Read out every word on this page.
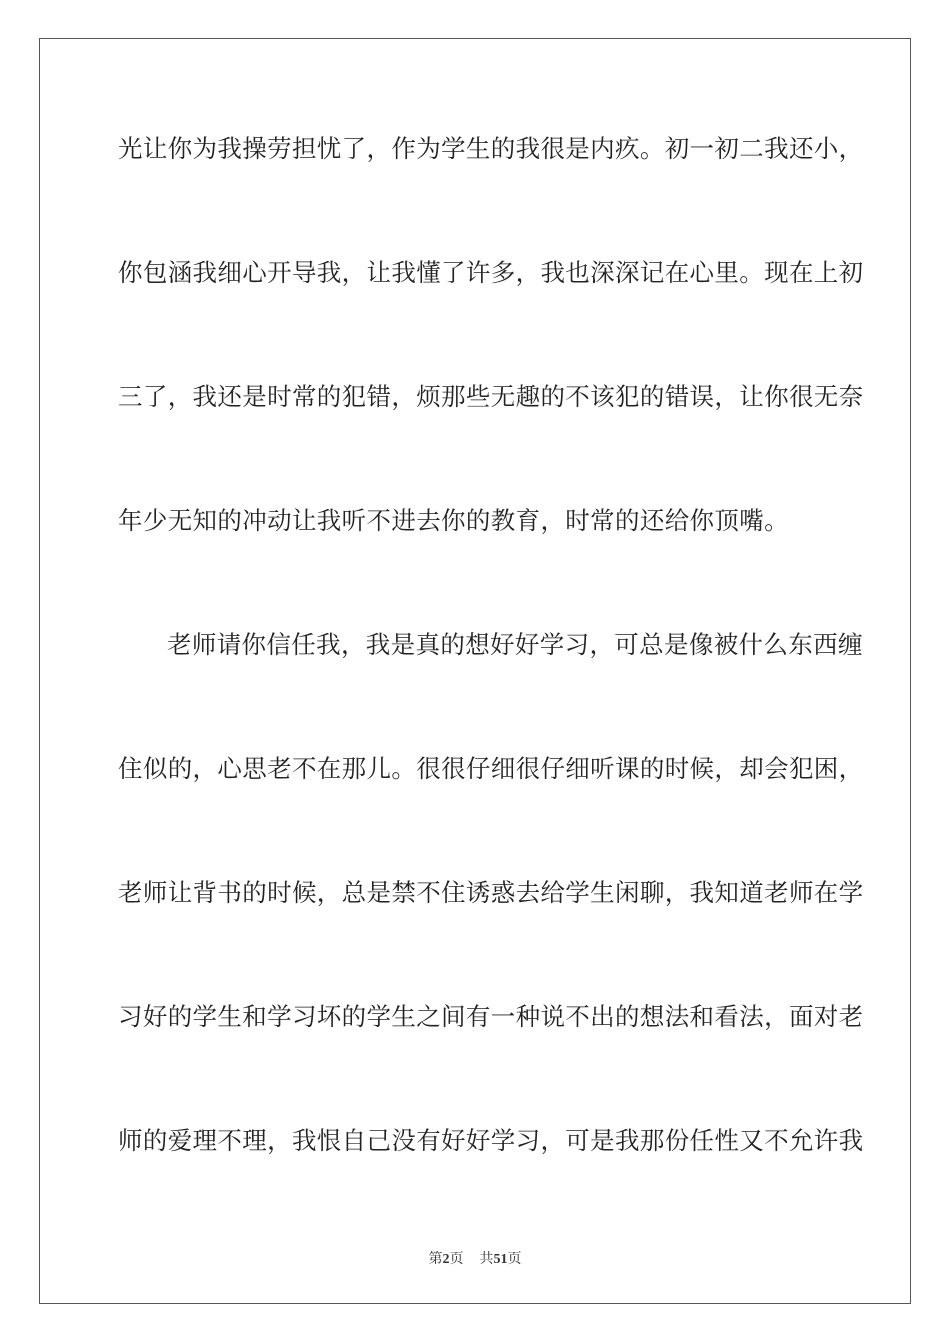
光让你为我操劳担忧了，作为学生的我很是内疚。初一初二我还小，
你包涵我细心开导我，让我懂了许多，我也深深记在心里。现在上初
三了，我还是时常的犯错，烦那些无趣的不该犯的错误，让你很无奈
年少无知的冲动让我听不进去你的教育，时常的还给你顶嘴。
老师请你信任我，我是真的想好好学习，可总是像被什么东西缠
住似的，心思老不在那儿。很很仔细很仔细听课的时候，却会犯困，
老师让背书的时候，总是禁不住诱惑去给学生闲聊，我知道老师在学
习好的学生和学习坏的学生之间有一种说不出的想法和看法，面对老
师的爱理不理，我恨自己没有好好学习，可是我那份任性又不允许我
第2页 共51页
